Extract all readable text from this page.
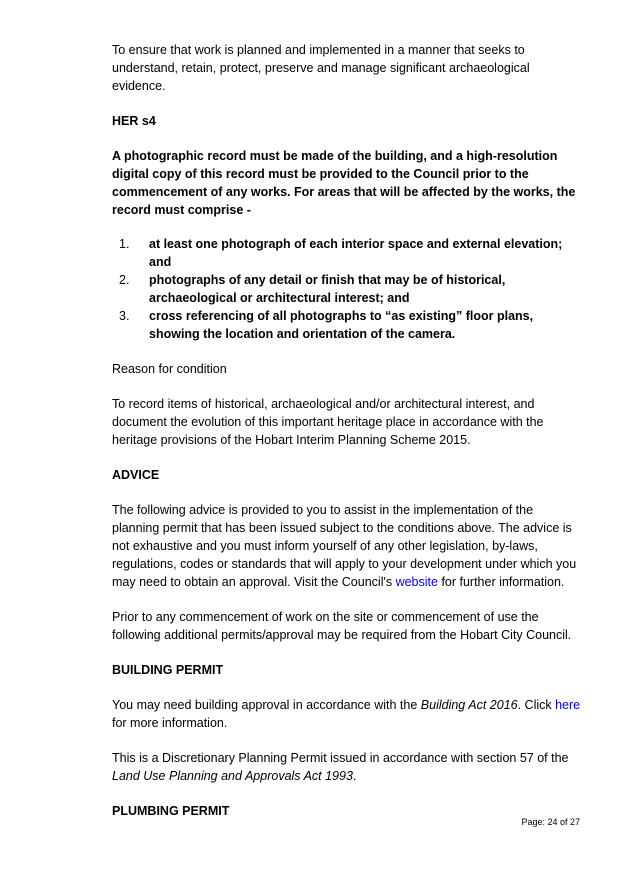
To ensure that work is planned and implemented in a manner that seeks to understand, retain, protect, preserve and manage significant archaeological evidence.

HER s4

A photographic record must be made of the building, and a high-resolution digital copy of this record must be provided to the Council prior to the commencement of any works. For areas that will be affected by the works, the record must comprise -

1. at least one photograph of each interior space and external elevation; and
2. photographs of any detail or finish that may be of historical, archaeological or architectural interest; and
3. cross referencing of all photographs to “as existing” floor plans, showing the location and orientation of the camera.

Reason for condition

To record items of historical, archaeological and/or architectural interest, and document the evolution of this important heritage place in accordance with the heritage provisions of the Hobart Interim Planning Scheme 2015.

ADVICE

The following advice is provided to you to assist in the implementation of the planning permit that has been issued subject to the conditions above. The advice is not exhaustive and you must inform yourself of any other legislation, by-laws, regulations, codes or standards that will apply to your development under which you may need to obtain an approval. Visit the Council's website for further information.

Prior to any commencement of work on the site or commencement of use the following additional permits/approval may be required from the Hobart City Council.

BUILDING PERMIT

You may need building approval in accordance with the Building Act 2016. Click here for more information.

This is a Discretionary Planning Permit issued in accordance with section 57 of the Land Use Planning and Approvals Act 1993.

PLUMBING PERMIT

Page: 24 of 27
